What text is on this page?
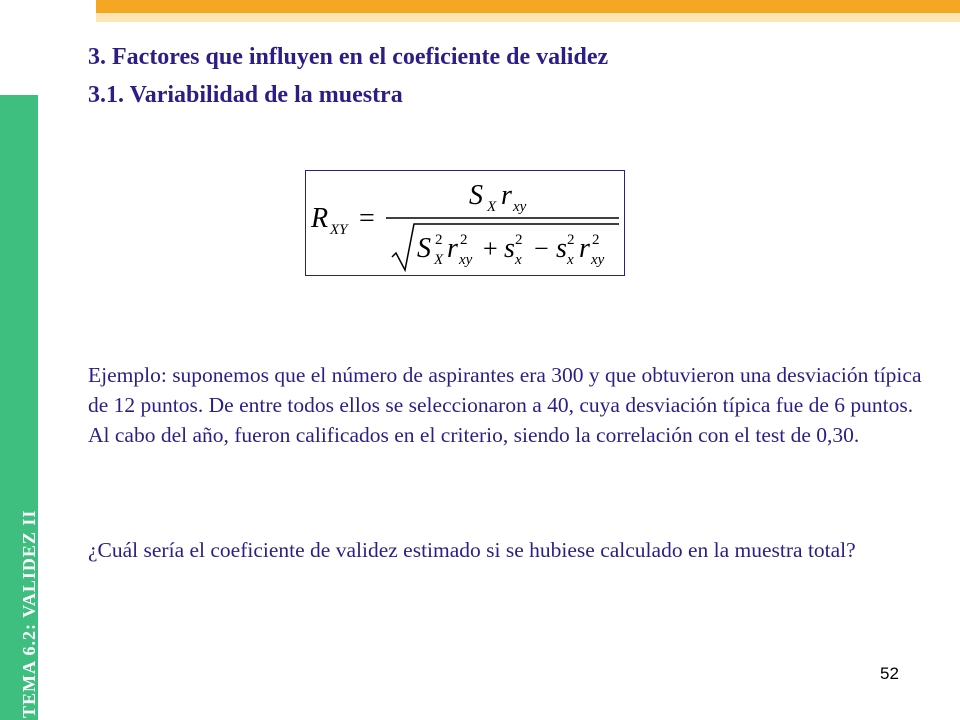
TEMA 6.2: VALIDEZ II
3. Factores que influyen en el coeficiente de validez
3.1. Variabilidad de la muestra
R XY =
S X r xy
S X
2 r xy
2 + s x
2 − s x
2 r xy
2
Ejemplo: suponemos que el número de aspirantes era 300 y que obtuvieron una desviación típica de 12 puntos. De entre todos ellos se seleccionaron a 40, cuya desviación típica fue de 6 puntos. Al cabo del año, fueron calificados en el criterio, siendo la correlación con el test de 0,30.
¿Cuál sería el coeficiente de validez estimado si se hubiese calculado en la muestra total?
52
